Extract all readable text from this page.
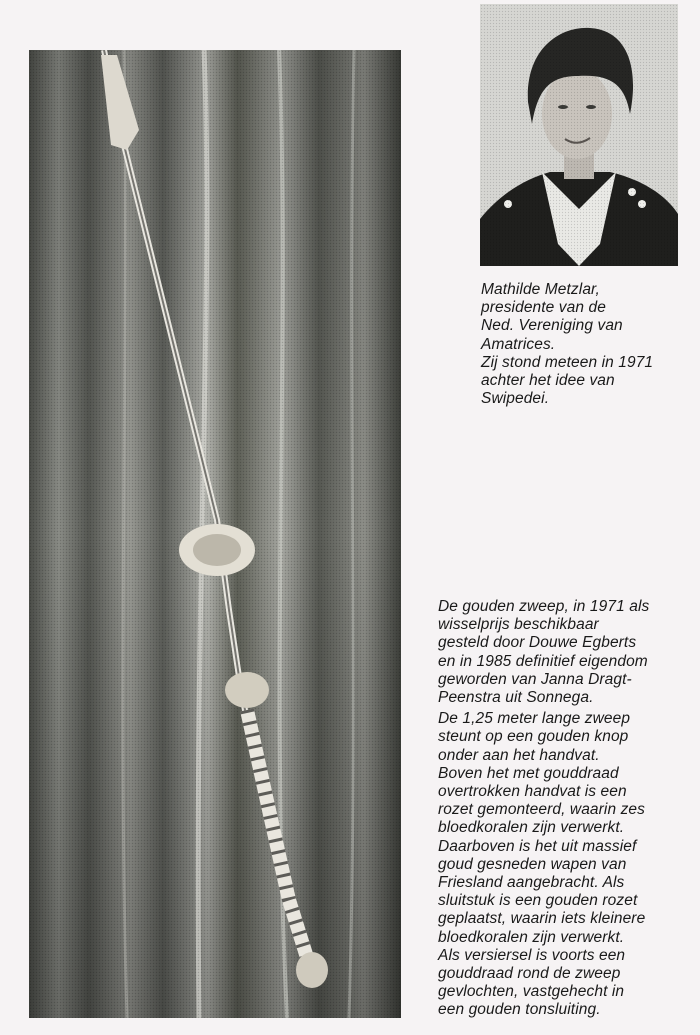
Mathilde Metzlar,
presidente van de
Ned. Vereniging van
Amatrices.
Zij stond meteen in 1971
achter het idee van
Swipedei.
De gouden zweep, in 1971 als
wisselprijs beschikbaar
gesteld door Douwe Egberts
en in 1985 definitief eigendom
geworden van Janna Dragt-
Peenstra uit Sonnega.
De 1,25 meter lange zweep
steunt op een gouden knop
onder aan het handvat.
Boven het met gouddraad
overtrokken handvat is een
rozet gemonteerd, waarin zes
bloedkoralen zijn verwerkt.
Daarboven is het uit massief
goud gesneden wapen van
Friesland aangebracht. Als
sluitstuk is een gouden rozet
geplaatst, waarin iets kleinere
bloedkoralen zijn verwerkt.
Als versiersel is voorts een
gouddraad rond de zweep
gevlochten, vastgehecht in
een gouden tonsluiting.
